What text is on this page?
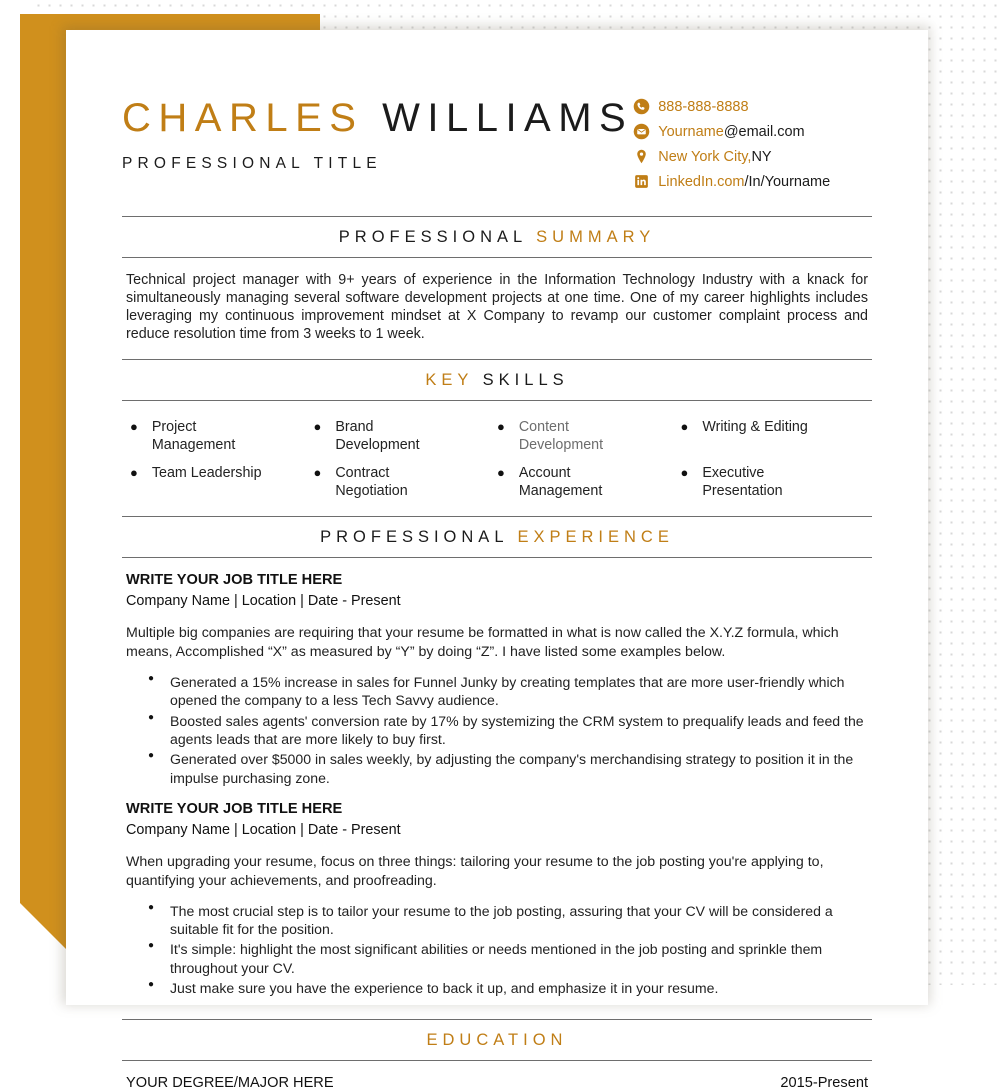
CHARLES WILLIAMS
PROFESSIONAL TITLE
888-888-8888
Yourname @email.com
New York City, NY
LinkedIn.com /In/Yourname
PROFESSIONAL SUMMARY
Technical project manager with 9+ years of experience in the Information Technology Industry with a knack for simultaneously managing several software development projects at one time. One of my career highlights includes leveraging my continuous improvement mindset at X Company to revamp our customer complaint process and reduce resolution time from 3 weeks to 1 week.
KEY SKILLS
● Project Management
● Brand Development
● Content Development
● Writing & Editing
● Team Leadership	● Contract Negotiation
● Account Management
● Executive Presentation
PROFESSIONAL EXPERIENCE
WRITE YOUR JOB TITLE HERE
Company Name | Location | Date - Present
Multiple big companies are requiring that your resume be formatted in what is now called the X.Y.Z formula, which means, Accomplished “X” as measured by “Y” by doing “Z”. I have listed some examples below.
● Generated a 15% increase in sales for Funnel Junky by creating templates that are more user-friendly which opened the company to a less Tech Savvy audience.
● Boosted sales agents' conversion rate by 17% by systemizing the CRM system to prequalify leads and feed the agents leads that are more likely to buy first.
● Generated over $5000 in sales weekly, by adjusting the company's merchandising strategy to position it in the impulse purchasing zone.
WRITE YOUR JOB TITLE HERE
Company Name | Location | Date - Present
When upgrading your resume, focus on three things: tailoring your resume to the job posting you're applying to, quantifying your achievements, and proofreading.
● The most crucial step is to tailor your resume to the job posting, assuring that your CV will be considered a suitable fit for the position.
● It's simple: highlight the most significant abilities or needs mentioned in the job posting and sprinkle them throughout your CV.
● Just make sure you have the experience to back it up, and emphasize it in your resume.
EDUCATION
YOUR DEGREE/MAJOR HERE	2015-Present
